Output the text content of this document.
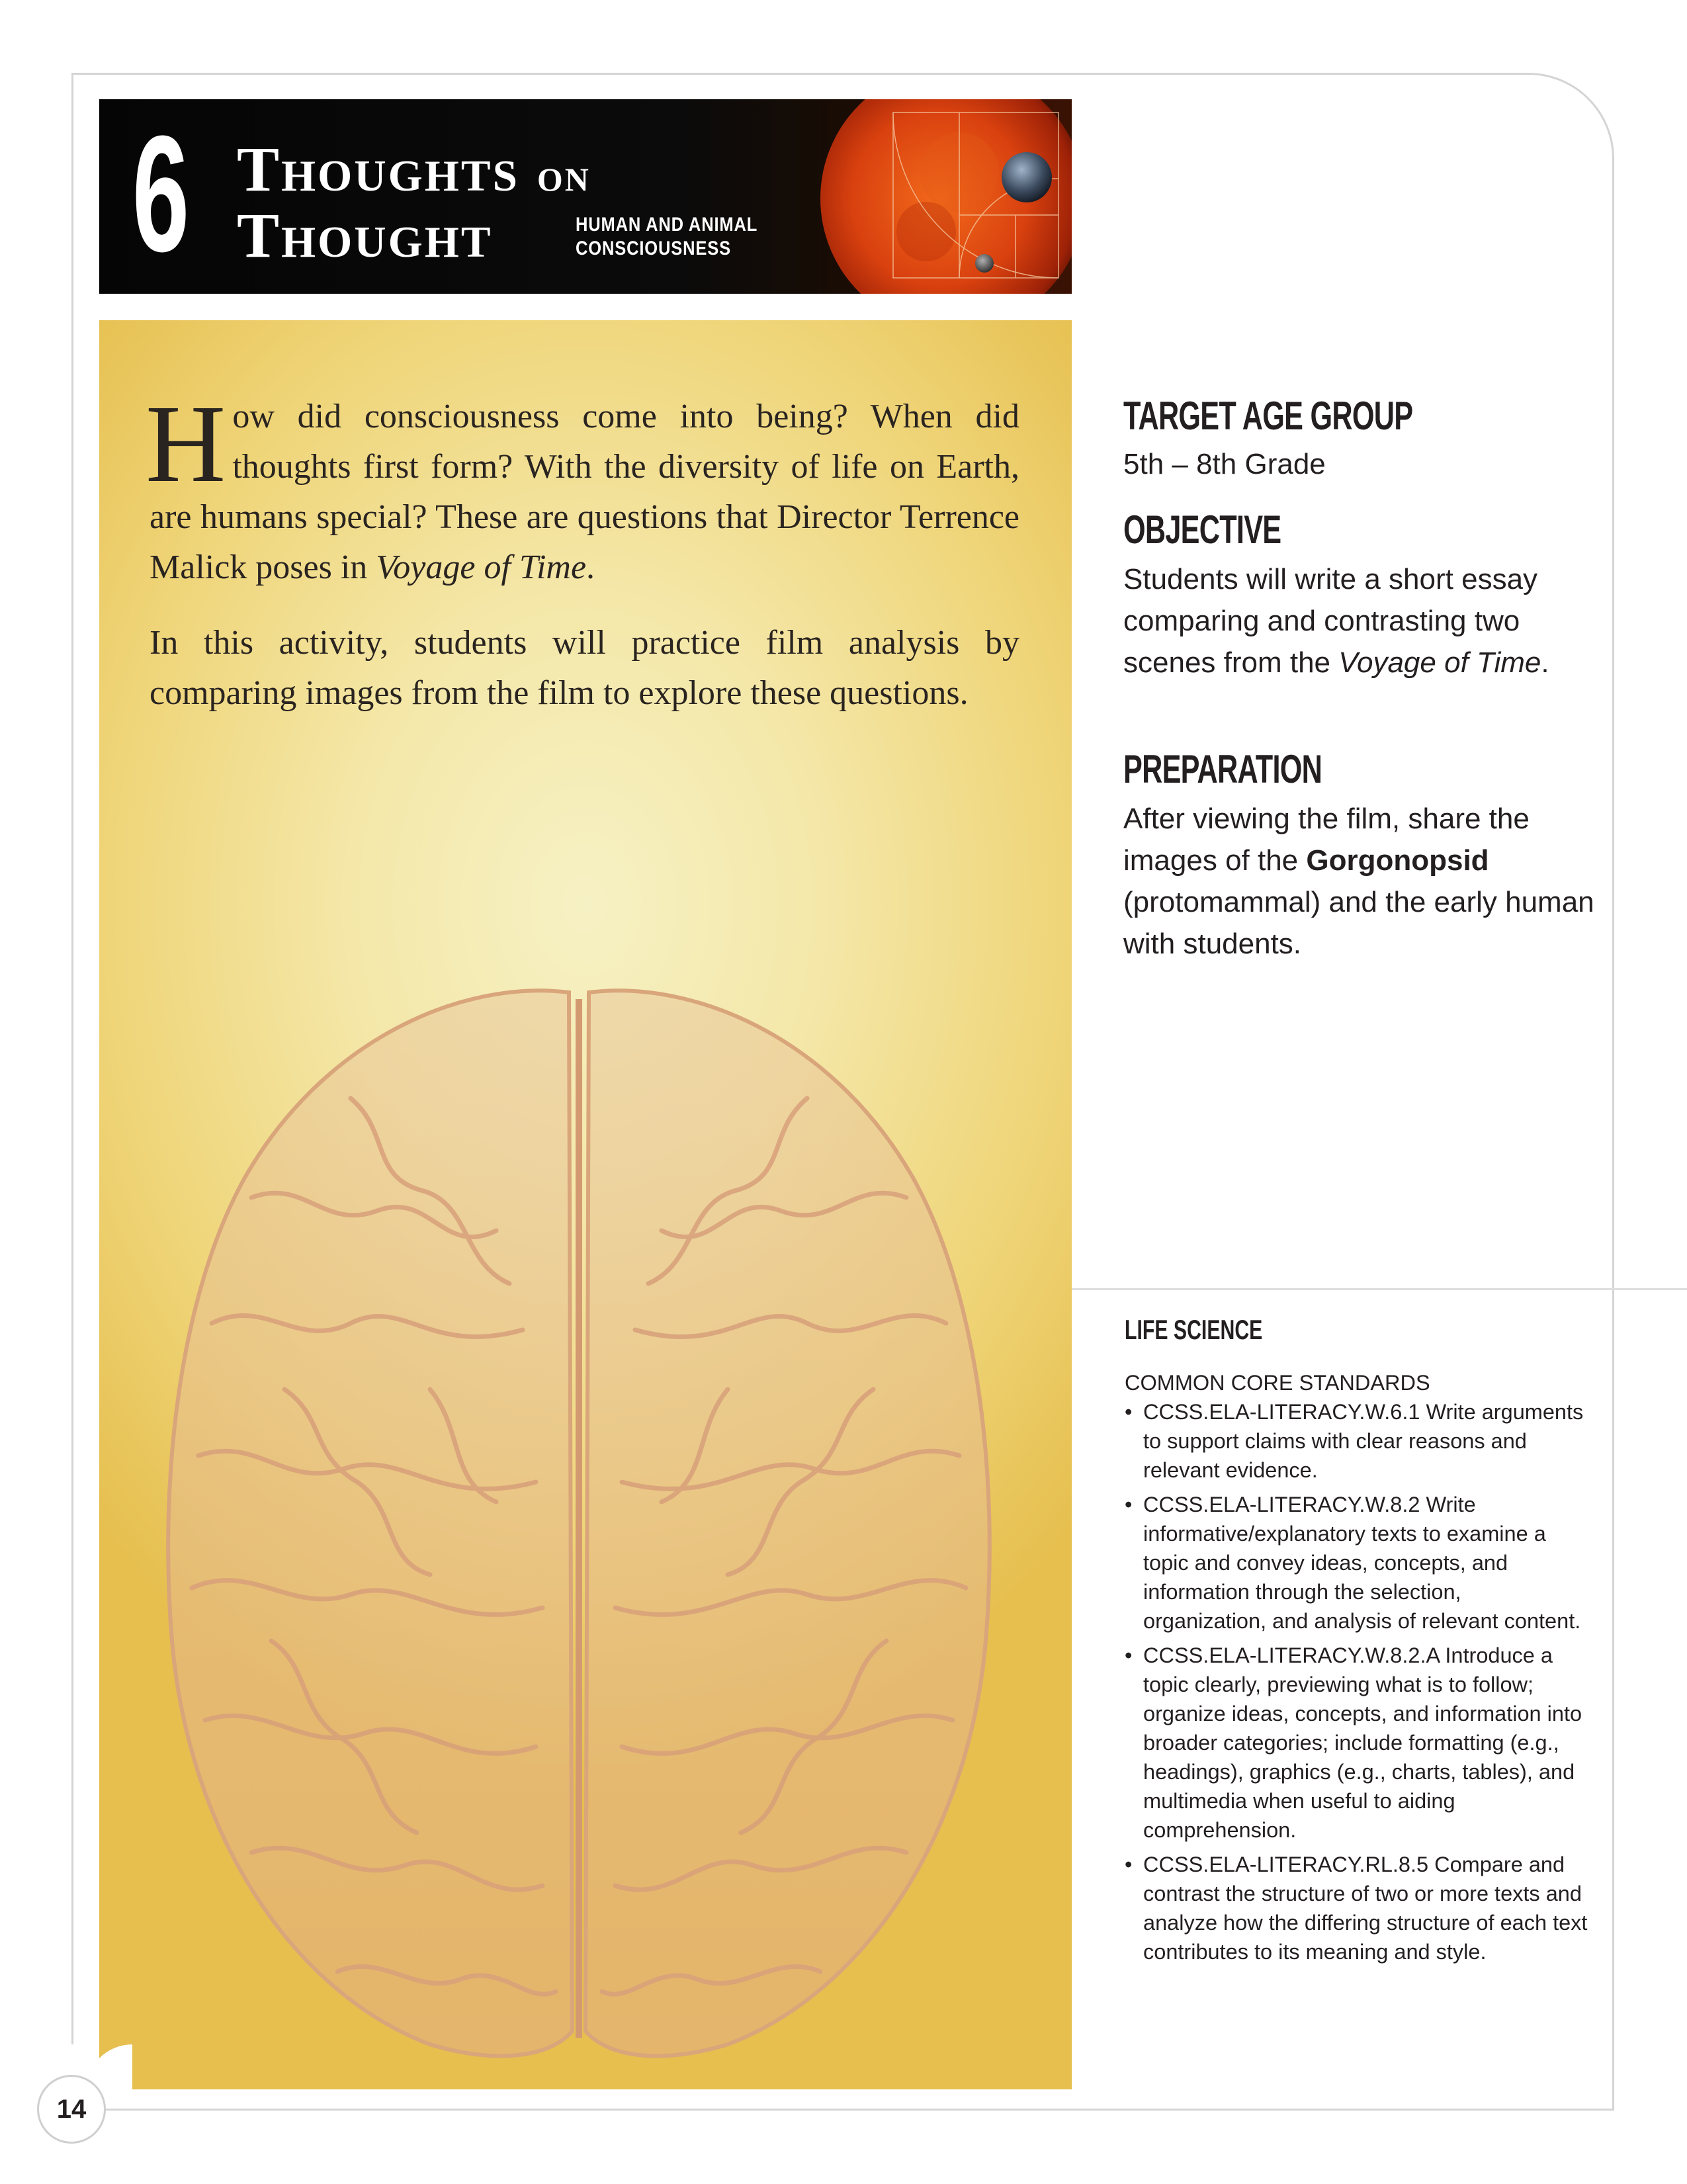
6 Thoughts on
Thought	HUMAN AND ANIMAL
CONSCIOUSNESS

How did consciousness come into being? When did thoughts first form? With the diversity of life on Earth, are humans special? These are questions that Director Terrence Malick poses in Voyage of Time.

In this activity, students will practice film analysis by comparing images from the film to explore these questions.

TARGET AGE GROUP
5th – 8th Grade
OBJECTIVE
Students will write a short essay comparing and contrasting two scenes from the Voyage of Time.
PREPARATION
After viewing the film, share the images of the Gorgonopsid (protomammal) and the early human with students.
LIFE SCIENCE
COMMON CORE STANDARDS
• CCSS.ELA-LITERACY.W.6.1 Write arguments to support claims with clear reasons and relevant evidence.
• CCSS.ELA-LITERACY.W.8.2 Write informative/explanatory texts to examine a topic and convey ideas, concepts, and information through the selection, organization, and analysis of relevant content.
• CCSS.ELA-LITERACY.W.8.2.A Introduce a topic clearly, previewing what is to follow; organize ideas, concepts, and information into broader categories; include formatting (e.g., headings), graphics (e.g., charts, tables), and multimedia when useful to aiding comprehension.
• CCSS.ELA-LITERACY.RL.8.5 Compare and contrast the structure of two or more texts and analyze how the differing structure of each text contributes to its meaning and style.
14
